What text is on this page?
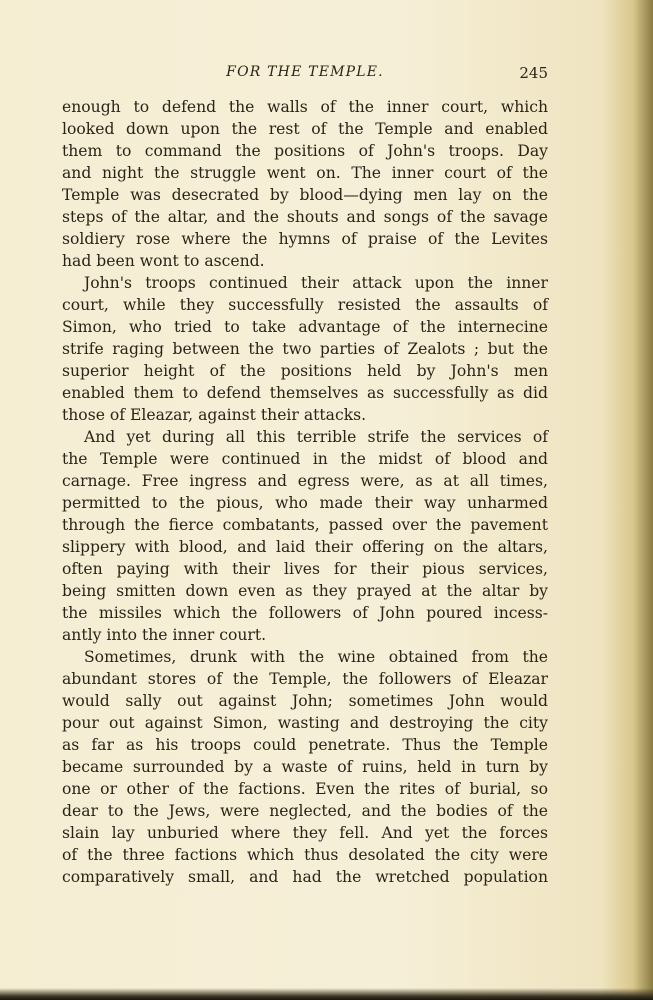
FOR THE TEMPLE.	245
enough to defend the walls of the inner court, which
looked down upon the rest of the Temple and enabled
them to command the positions of John's troops. Day
and night the struggle went on. The inner court of the
Temple was desecrated by blood—dying men lay on the
steps of the altar, and the shouts and songs of the savage
soldiery rose where the hymns of praise of the Levites
had been wont to ascend.
John's troops continued their attack upon the inner
court, while they successfully resisted the assaults of
Simon, who tried to take advantage of the internecine
strife raging between the two parties of Zealots ; but the
superior height of the positions held by John's men
enabled them to defend themselves as successfully as did
those of Eleazar, against their attacks.
And yet during all this terrible strife the services of
the Temple were continued in the midst of blood and
carnage. Free ingress and egress were, as at all times,
permitted to the pious, who made their way unharmed
through the fierce combatants, passed over the pavement
slippery with blood, and laid their offering on the altars,
often paying with their lives for their pious services,
being smitten down even as they prayed at the altar by
the missiles which the followers of John poured incess-
antly into the inner court.
Sometimes, drunk with the wine obtained from the
abundant stores of the Temple, the followers of Eleazar
would sally out against John; sometimes John would
pour out against Simon, wasting and destroying the city
as far as his troops could penetrate. Thus the Temple
became surrounded by a waste of ruins, held in turn by
one or other of the factions. Even the rites of burial, so
dear to the Jews, were neglected, and the bodies of the
slain lay unburied where they fell. And yet the forces
of the three factions which thus desolated the city were
comparatively small, and had the wretched population
